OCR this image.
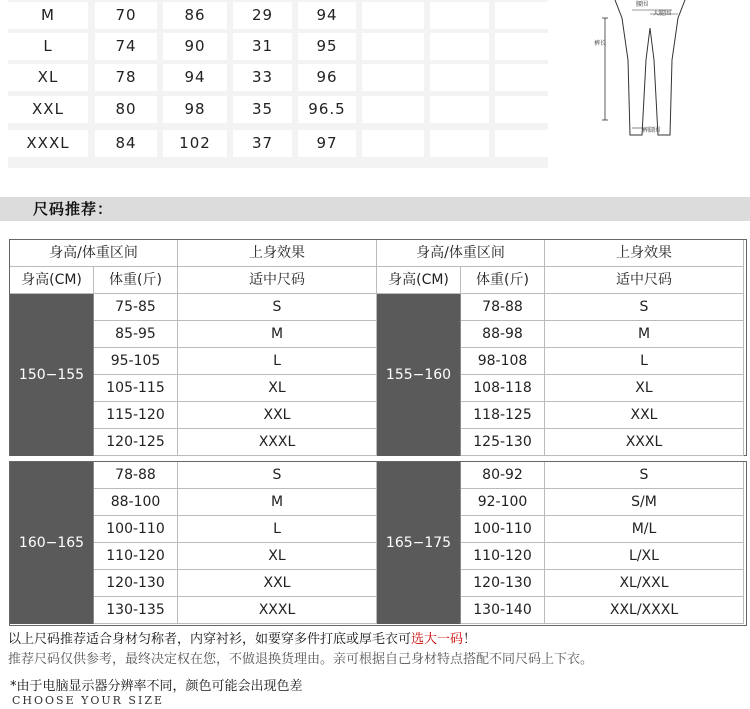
M	70	86	29	94
L	74	90	31	95
XL	78	94	33	96
XXL	80	98	35	96.5
XXXL	84	102	37	97
腰围
大腿围
裤长
裤脚围
尺码推荐：
身高/体重区间	上身效果
身高(CM)	体重(斤)	适中尺码
身高/体重区间	上身效果
身高(CM)	体重(斤)	适中尺码
150−155
75-85	S
85-95	M
95-105	L
105-115	XL
115-120	XXL
120-125	XXXL
155−160
78-88	S
88-98	M
98-108	L
108-118	XL
118-125	XXL
125-130	XXXL
160−165
78-88	S
88-100	M
100-110	L
110-120	XL
120-130	XXL
130-135	XXXL
165−175
80-92	S
92-100	S/M
100-110	M/L
110-120	L/XL
120-130	XL/XXL
130-140	XXL/XXXL
以上尺码推荐适合身材匀称者，内穿衬衫，如要穿多件打底或厚毛衣可选大一码！
推荐尺码仅供参考，最终决定权在您，不做退换货理由。亲可根据自己身材特点搭配不同尺码上下衣。
*由于电脑显示器分辨率不同，颜色可能会出现色差
CHOOSE YOUR SIZE
